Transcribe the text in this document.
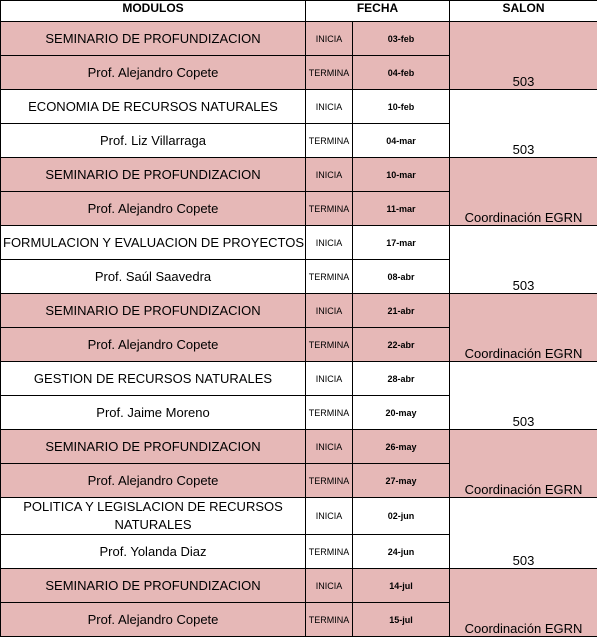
MODULOS	FECHA		SALON
SEMINARIO DE PROFUNDIZACION	INICIA	03-feb	503
Prof. Alejandro Copete	TERMINA	04-feb	
ECONOMIA DE RECURSOS NATURALES	INICIA	10-feb	503
Prof. Liz Villarraga	TERMINA	04-mar	
SEMINARIO DE PROFUNDIZACION	INICIA	10-mar	Coordinación EGRN
Prof. Alejandro Copete	TERMINA	11-mar	
FORMULACION Y EVALUACION DE PROYECTOS	INICIA	17-mar	503
Prof. Saúl Saavedra	TERMINA	08-abr	
SEMINARIO DE PROFUNDIZACION	INICIA	21-abr	Coordinación EGRN
Prof. Alejandro Copete	TERMINA	22-abr	
GESTION DE RECURSOS NATURALES	INICIA	28-abr	503
Prof. Jaime Moreno	TERMINA	20-may	
SEMINARIO DE PROFUNDIZACION	INICIA	26-may	Coordinación EGRN
Prof. Alejandro Copete	TERMINA	27-may	
POLITICA Y LEGISLACION DE RECURSOS NATURALES	INICIA	02-jun	503
Prof. Yolanda Diaz	TERMINA	24-jun	
SEMINARIO DE PROFUNDIZACION	INICIA	14-jul	Coordinación EGRN
Prof. Alejandro Copete	TERMINA	15-jul	
